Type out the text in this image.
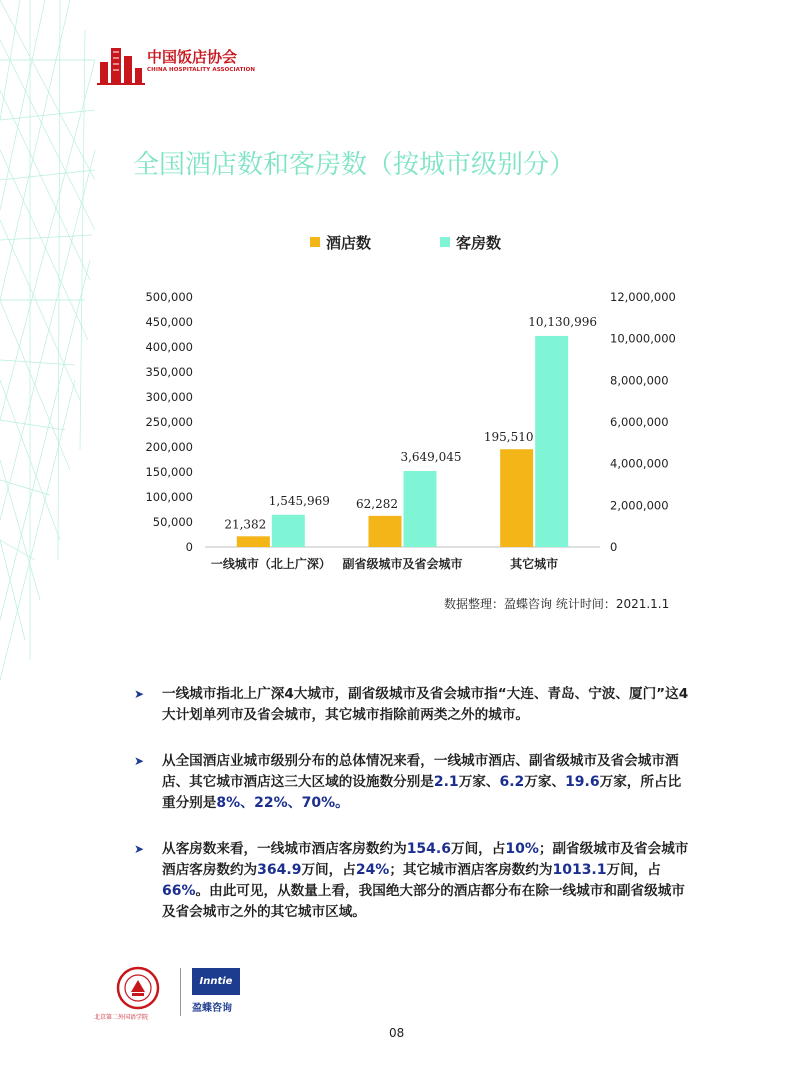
中国饭店协会
CHINA HOSPITALITY ASSOCIATION
全国酒店数和客房数（按城市级别分）
酒店数	客房数
0
50,000
100,000
150,000
200,000
250,000
300,000
350,000
400,000
450,000
500,000
0
2,000,000
4,000,000
6,000,000
8,000,000
10,000,000
12,000,000
21,382
1,545,969
一线城市（北上广深）
62,282
3,649,045
副省级城市及省会城市
195,510
10,130,996
其它城市
数据整理：盈蝶咨询 统计时间：2021.1.1
➤	一线城市指北上广深4大城市，副省级城市及省会城市指“大连、青岛、宁波、厦门”这4大计划单列市及省会城市，其它城市指除前两类之外的城市。
➤	从全国酒店业城市级别分布的总体情况来看，一线城市酒店、副省级城市及省会城市酒店、其它城市酒店这三大区域的设施数分别是2.1万家、6.2万家、19.6万家，所占比重分别是8%、22%、70%。
➤	从客房数来看，一线城市酒店客房数约为154.6万间，占10%；副省级城市及省会城市酒店客房数约为364.9万间，占24%；其它城市酒店客房数约为1013.1万间，占66%。由此可见，从数量上看，我国绝大部分的酒店都分布在除一线城市和副省级城市及省会城市之外的其它城市区域。
北京第二外国语学院
Inntie
盈蝶咨询
08
